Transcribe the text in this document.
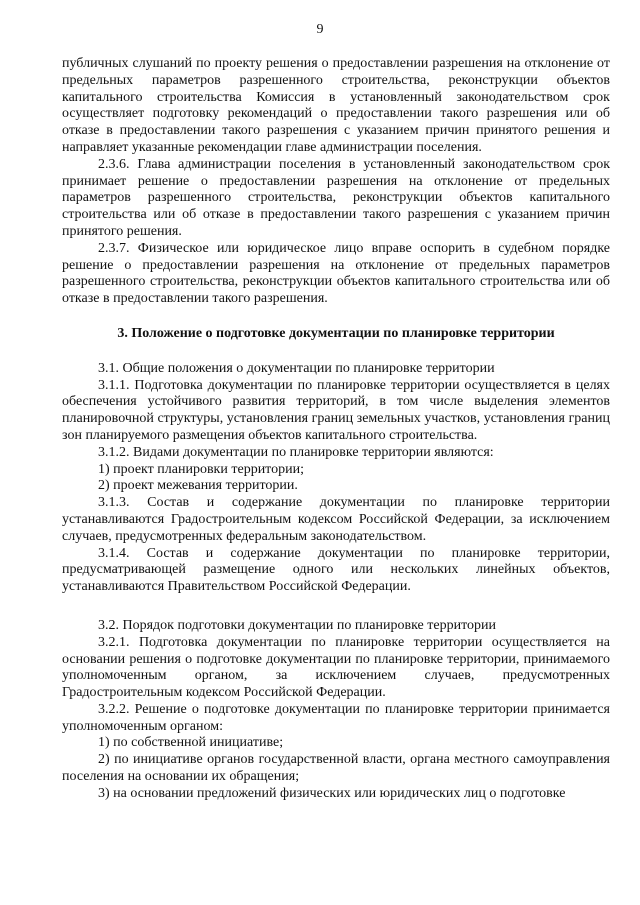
9

публичных слушаний по проекту решения о предоставлении разрешения на отклонение от предельных параметров разрешенного строительства, реконструкции объектов капитального строительства Комиссия в установленный законодательством срок осуществляет подготовку рекомендаций о предоставлении такого разрешения или об отказе в предоставлении такого разрешения с указанием причин принятого решения и направляет указанные рекомендации главе администрации поселения.

2.3.6. Глава администрации поселения в установленный законодательством срок принимает решение о предоставлении разрешения на отклонение от предельных параметров разрешенного строительства, реконструкции объектов капитального строительства или об отказе в предоставлении такого разрешения с указанием причин принятого решения.

2.3.7. Физическое или юридическое лицо вправе оспорить в судебном порядке решение о предоставлении разрешения на отклонение от предельных параметров разрешенного строительства, реконструкции объектов капитального строительства или об отказе в предоставлении такого разрешения.

3. Положение о подготовке документации по планировке территории

3.1. Общие положения о документации по планировке территории

3.1.1. Подготовка документации по планировке территории осуществляется в целях обеспечения устойчивого развития территорий, в том числе выделения элементов планировочной структуры, установления границ земельных участков, установления границ зон планируемого размещения объектов капитального строительства.

3.1.2. Видами документации по планировке территории являются:

1) проект планировки территории;

2) проект межевания территории.

3.1.3. Состав и содержание документации по планировке территории устанавливаются Градостроительным кодексом Российской Федерации, за исключением случаев, предусмотренных федеральным законодательством.

3.1.4. Состав и содержание документации по планировке территории, предусматривающей размещение одного или нескольких линейных объектов, устанавливаются Правительством Российской Федерации.

3.2. Порядок подготовки документации по планировке территории

3.2.1. Подготовка документации по планировке территории осуществляется на основании решения о подготовке документации по планировке территории, принимаемого уполномоченным органом, за исключением случаев, предусмотренных Градостроительным кодексом Российской Федерации.

3.2.2. Решение о подготовке документации по планировке территории принимается уполномоченным органом:

1) по собственной инициативе;

2) по инициативе органов государственной власти, органа местного самоуправления поселения на основании их обращения;

3) на основании предложений физических или юридических лиц о подготовке
